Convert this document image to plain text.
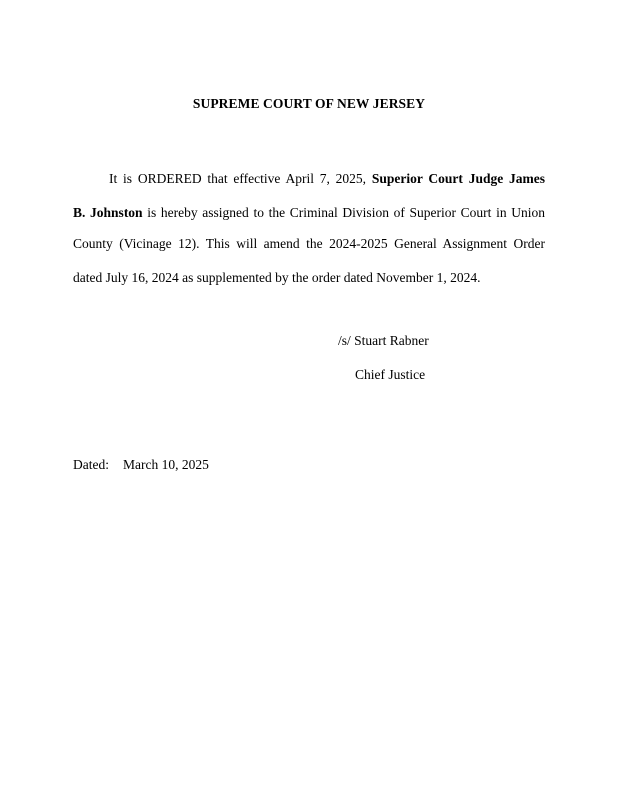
SUPREME COURT OF NEW JERSEY
It is ORDERED that effective April 7, 2025, Superior Court Judge James
B. Johnston is hereby assigned to the Criminal Division of Superior Court in Union
County (Vicinage 12). This will amend the 2024-2025 General Assignment Order
dated July 16, 2024 as supplemented by the order dated November 1, 2024.
/s/ Stuart Rabner
Chief Justice
Dated: March 10, 2025
